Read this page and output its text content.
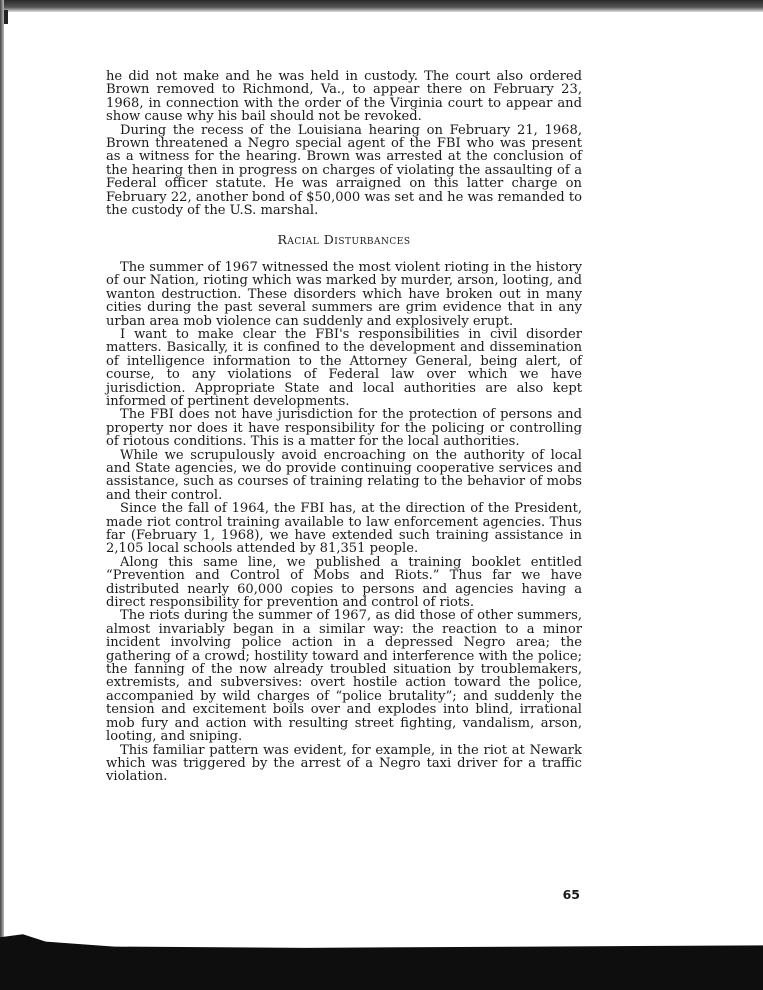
he did not make and he was held in custody. The court also ordered Brown removed to Richmond, Va., to appear there on February 23, 1968, in connection with the order of the Virginia court to appear and show cause why his bail should not be revoked.

During the recess of the Louisiana hearing on February 21, 1968, Brown threatened a Negro special agent of the FBI who was present as a witness for the hearing. Brown was arrested at the conclusion of the hearing then in progress on charges of violating the assaulting of a Federal officer statute. He was arraigned on this latter charge on February 22, another bond of $50,000 was set and he was remanded to the custody of the U.S. marshal.

Racial Disturbances

The summer of 1967 witnessed the most violent rioting in the history of our Nation, rioting which was marked by murder, arson, looting, and wanton destruction. These disorders which have broken out in many cities during the past several summers are grim evidence that in any urban area mob violence can suddenly and explosively erupt.

I want to make clear the FBI's responsibilities in civil disorder matters. Basically, it is confined to the development and dissemination of intelligence information to the Attorney General, being alert, of course, to any violations of Federal law over which we have jurisdiction. Appropriate State and local authorities are also kept informed of pertinent developments.

The FBI does not have jurisdiction for the protection of persons and property nor does it have responsibility for the policing or controlling of riotous conditions. This is a matter for the local authorities.

While we scrupulously avoid encroaching on the authority of local and State agencies, we do provide continuing cooperative services and assistance, such as courses of training relating to the behavior of mobs and their control.

Since the fall of 1964, the FBI has, at the direction of the President, made riot control training available to law enforcement agencies. Thus far (February 1, 1968), we have extended such training assistance in 2,105 local schools attended by 81,351 people.

Along this same line, we published a training booklet entitled “Prevention and Control of Mobs and Riots.” Thus far we have distributed nearly 60,000 copies to persons and agencies having a direct responsibility for prevention and control of riots.

The riots during the summer of 1967, as did those of other summers, almost invariably began in a similar way: the reaction to a minor incident involving police action in a depressed Negro area; the gathering of a crowd; hostility toward and interference with the police; the fanning of the now already troubled situation by troublemakers, extremists, and subversives: overt hostile action toward the police, accompanied by wild charges of “police brutality”; and suddenly the tension and excitement boils over and explodes into blind, irrational mob fury and action with resulting street fighting, vandalism, arson, looting, and sniping.

This familiar pattern was evident, for example, in the riot at Newark which was triggered by the arrest of a Negro taxi driver for a traffic violation.

65
